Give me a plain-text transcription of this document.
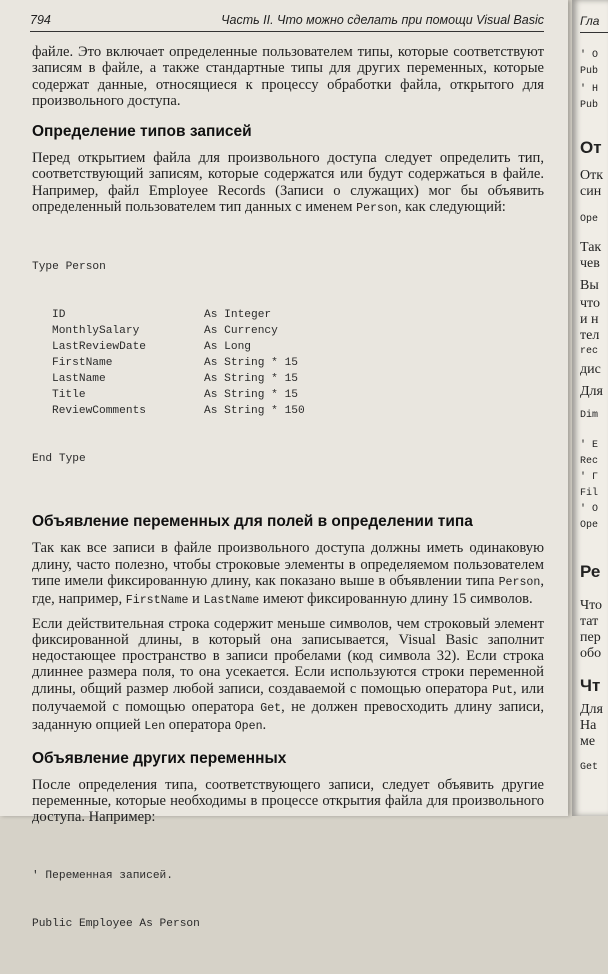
794	Часть II. Что можно сделать при помощи Visual Basic

файле. Это включает определенные пользователем типы, которые соответствуют записям в файле, а также стандартные типы для других переменных, которые содержат данные, относящиеся к процессу обработки файла, открытого для произвольного доступа.

Определение типов записей

Перед открытием файла для произвольного доступа следует определить тип, соответствующий записям, которые содержатся или будут содержаться в файле. Например, файл Employee Records (Записи о служащих) мог бы объявить определенный пользователем тип данных с именем Person, как следующий:

Type Person

ID	As Integer
MonthlySalary	As Currency
LastReviewDate	As Long
FirstName	As String * 15
LastName	As String * 15
Title	As String * 15
ReviewComments	As String * 150

End Type

Объявление переменных для полей в определении типа

Так как все записи в файле произвольного доступа должны иметь одинаковую длину, часто полезно, чтобы строковые элементы в определяемом пользователем типе имели фиксированную длину, как показано выше в объявлении типа Person, где, например, FirstName и LastName имеют фиксированную длину 15 символов.

Если действительная строка содержит меньше символов, чем строковый элемент фиксированной длины, в который она записывается, Visual Basic заполнит недостающее пространство в записи пробелами (код символа 32). Если строка длиннее размера поля, то она усекается. Если используются строки переменной длины, общий размер любой записи, создаваемой с помощью оператора Put, или получаемой с помощью оператора Get, не должен превосходить длину записи, заданную опцией Len оператора Open.

Объявление других переменных

После определения типа, соответствующего записи, следует объявить другие переменные, которые необходимы в процессе открытия файла для произвольного доступа. Например:

' Переменная записей.

Public Employee As Person

Гла
' O
Pub
' H
Pub
От
Отк
син
Ope
Так
чев
Вы
что
и н
тел
rec
дис
Для
Dim
' E
Rec
' Г
Fil
' O
Ope
Ре
Что
тат
пер
обо
Чт
Для
На
ме
Get
